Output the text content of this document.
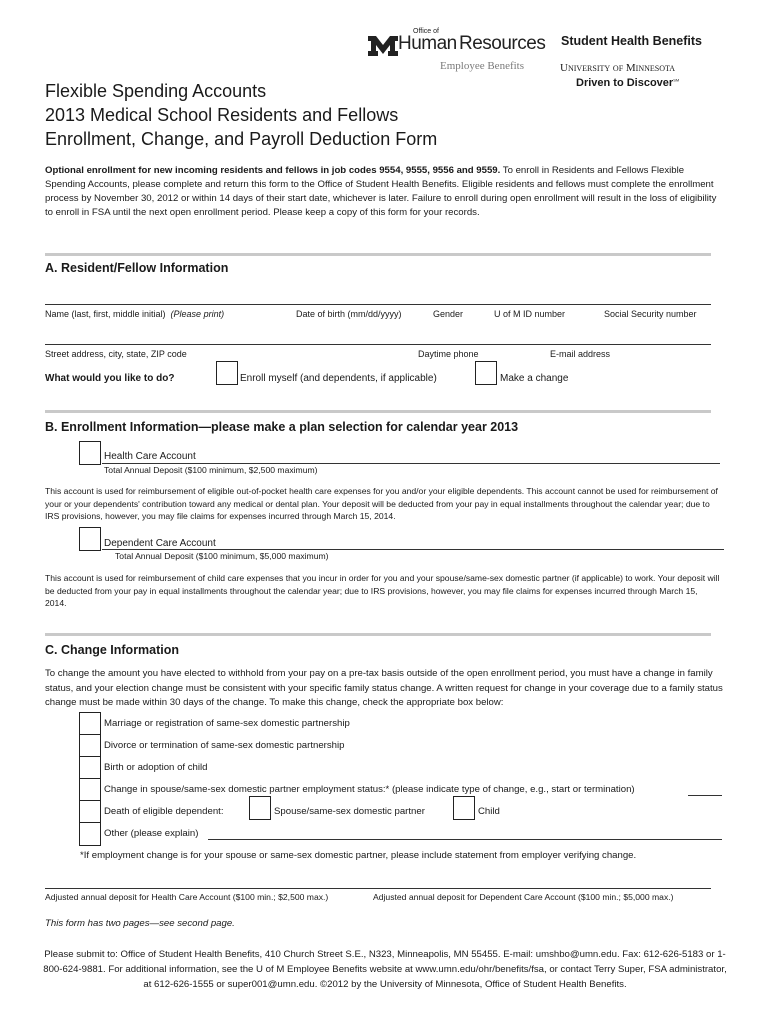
Office of
Human Resources
Employee Benefits
Student Health Benefits
University of Minnesota
Driven to Discover℠
Flexible Spending Accounts
2013 Medical School Residents and Fellows
Enrollment, Change, and Payroll Deduction Form
Optional enrollment for new incoming residents and fellows in job codes 9554, 9555, 9556 and 9559. To enroll in Residents and Fellows Flexible Spending Accounts, please complete and return this form to the Office of Student Health Benefits. Eligible residents and fellows must complete the enrollment process by November 30, 2012 or within 14 days of their start date, whichever is later. Failure to enroll during open enrollment will result in the loss of eligibility to enroll in FSA until the next open enrollment period. Please keep a copy of this form for your records.
A. Resident/Fellow Information
Name (last, first, middle initial) (Please print)	Date of birth (mm/dd/yyyy)	Gender	U of M ID number	Social Security number
Street address, city, state, ZIP code	Daytime phone	E-mail address
What would you like to do?	Enroll myself (and dependents, if applicable)	Make a change
B. Enrollment Information—please make a plan selection for calendar year 2013
Health Care Account
Total Annual Deposit ($100 minimum, $2,500 maximum)
This account is used for reimbursement of eligible out-of-pocket health care expenses for you and/or your eligible dependents. This account cannot be used for reimbursement of your or your dependents' contribution toward any medical or dental plan. Your deposit will be deducted from your pay in equal installments throughout the calendar year; due to IRS provisions, however, you may file claims for expenses incurred through March 15, 2014.
Dependent Care Account
Total Annual Deposit ($100 minimum, $5,000 maximum)
This account is used for reimbursement of child care expenses that you incur in order for you and your spouse/same-sex domestic partner (if applicable) to work. Your deposit will be deducted from your pay in equal installments throughout the calendar year; due to IRS provisions, however, you may file claims for expenses incurred through March 15, 2014.
C. Change Information
To change the amount you have elected to withhold from your pay on a pre-tax basis outside of the open enrollment period, you must have a change in family status, and your election change must be consistent with your specific family status change. A written request for change in your coverage due to a family status change must be made within 30 days of the change. To make this change, check the appropriate box below:
Marriage or registration of same-sex domestic partnership
Divorce or termination of same-sex domestic partnership
Birth or adoption of child
Change in spouse/same-sex domestic partner employment status:* (please indicate type of change, e.g., start or termination)
Death of eligible dependent:	Spouse/same-sex domestic partner	Child
Other (please explain)
*If employment change is for your spouse or same-sex domestic partner, please include statement from employer verifying change.
Adjusted annual deposit for Health Care Account ($100 min.; $2,500 max.)	Adjusted annual deposit for Dependent Care Account ($100 min.; $5,000 max.)
This form has two pages—see second page.
Please submit to: Office of Student Health Benefits, 410 Church Street S.E., N323, Minneapolis, MN 55455. E-mail: umshbo@umn.edu. Fax: 612-626-5183 or 1-800-624-9881. For additional information, see the U of M Employee Benefits website at www.umn.edu/ohr/benefits/fsa, or contact Terry Super, FSA administrator, at 612-626-1555 or super001@umn.edu. ©2012 by the University of Minnesota, Office of Student Health Benefits.
